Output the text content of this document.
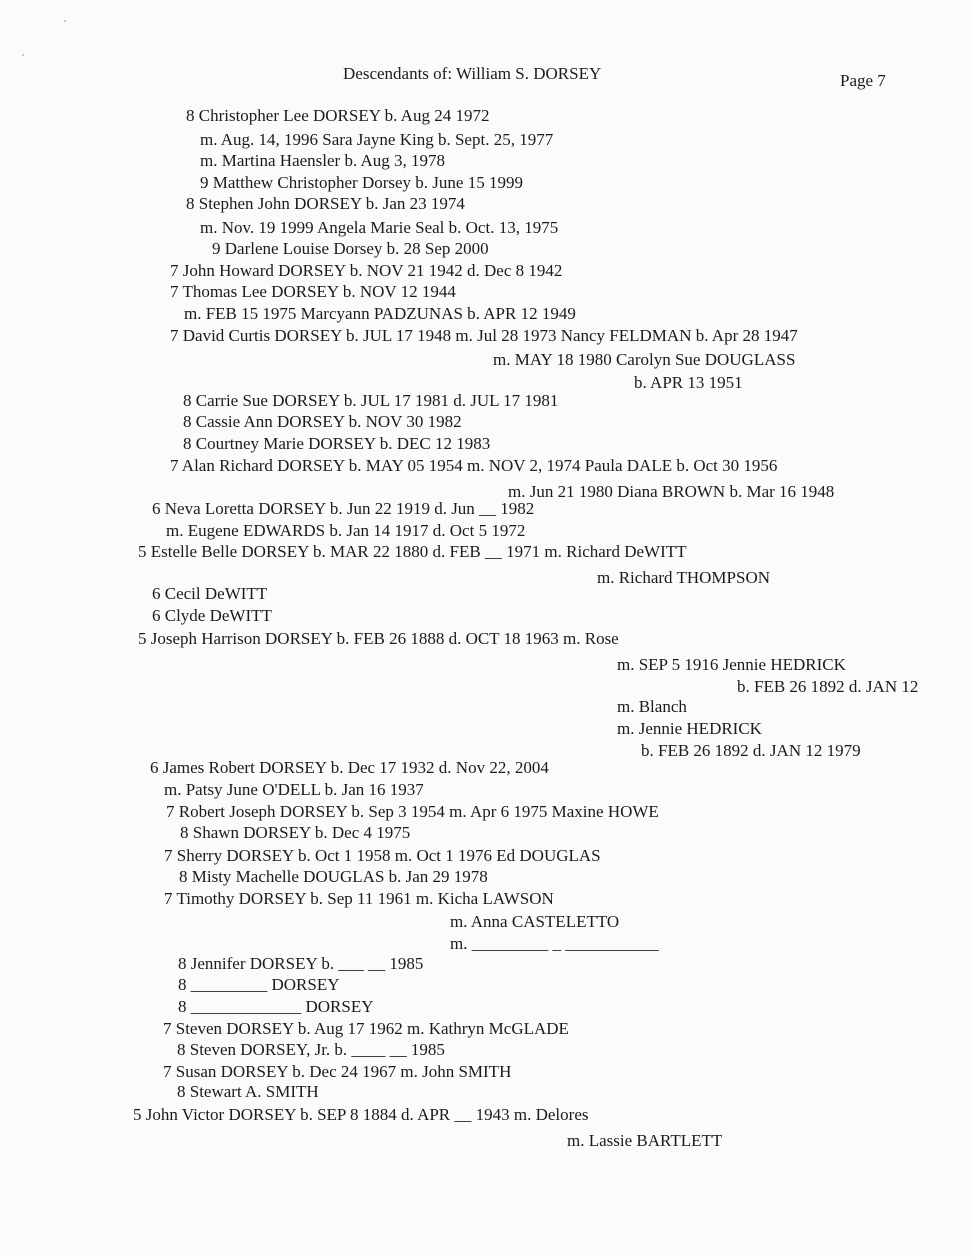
Descendants of: William S. DORSEY	Page 7
8 Christopher Lee DORSEY b. Aug 24 1972
m. Aug. 14, 1996 Sara Jayne King b. Sept. 25, 1977
m. Martina Haensler b. Aug 3, 1978
9 Matthew Christopher Dorsey b. June 15 1999
8 Stephen John DORSEY b. Jan 23 1974
m. Nov. 19 1999 Angela Marie Seal b. Oct. 13, 1975
9 Darlene Louise Dorsey b. 28 Sep 2000
7 John Howard DORSEY b. NOV 21 1942 d. Dec 8 1942
7 Thomas Lee DORSEY b. NOV 12 1944
m. FEB 15 1975 Marcyann PADZUNAS b. APR 12 1949
7 David Curtis DORSEY b. JUL 17 1948 m. Jul 28 1973 Nancy FELDMAN b. Apr 28 1947
m. MAY 18 1980 Carolyn Sue DOUGLASS
b. APR 13 1951
8 Carrie Sue DORSEY b. JUL 17 1981 d. JUL 17 1981
8 Cassie Ann DORSEY b. NOV 30 1982
8 Courtney Marie DORSEY b. DEC 12 1983
7 Alan Richard DORSEY b. MAY 05 1954 m. NOV 2, 1974 Paula DALE b. Oct 30 1956
m. Jun 21 1980 Diana BROWN b. Mar 16 1948
6 Neva Loretta DORSEY b. Jun 22 1919 d. Jun __ 1982
m. Eugene EDWARDS b. Jan 14 1917 d. Oct 5 1972
5 Estelle Belle DORSEY b. MAR 22 1880 d. FEB __ 1971 m. Richard DeWITT
m. Richard THOMPSON
6 Cecil DeWITT
6 Clyde DeWITT
5 Joseph Harrison DORSEY b. FEB 26 1888 d. OCT 18 1963 m. Rose
m. SEP 5 1916 Jennie HEDRICK
b. FEB 26 1892 d. JAN 12
m. Blanch
m. Jennie HEDRICK
b. FEB 26 1892 d. JAN 12 1979
6 James Robert DORSEY b. Dec 17 1932 d. Nov 22, 2004
m. Patsy June O'DELL b. Jan 16 1937
7 Robert Joseph DORSEY b. Sep 3 1954 m. Apr 6 1975 Maxine HOWE
8 Shawn DORSEY b. Dec 4 1975
7 Sherry DORSEY b. Oct 1 1958 m. Oct 1 1976 Ed DOUGLAS
8 Misty Machelle DOUGLAS b. Jan 29 1978
7 Timothy DORSEY b. Sep 11 1961 m. Kicha LAWSON
m. Anna CASTELETTO
m. _________ _ ___________
8 Jennifer DORSEY b. ___ __ 1985
8 _________ DORSEY
8 _____________ DORSEY
7 Steven DORSEY b. Aug 17 1962 m. Kathryn McGLADE
8 Steven DORSEY, Jr. b. ____ __ 1985
7 Susan DORSEY b. Dec 24 1967 m. John SMITH
8 Stewart A. SMITH
5 John Victor DORSEY b. SEP 8 1884 d. APR __ 1943 m. Delores
m. Lassie BARTLETT
